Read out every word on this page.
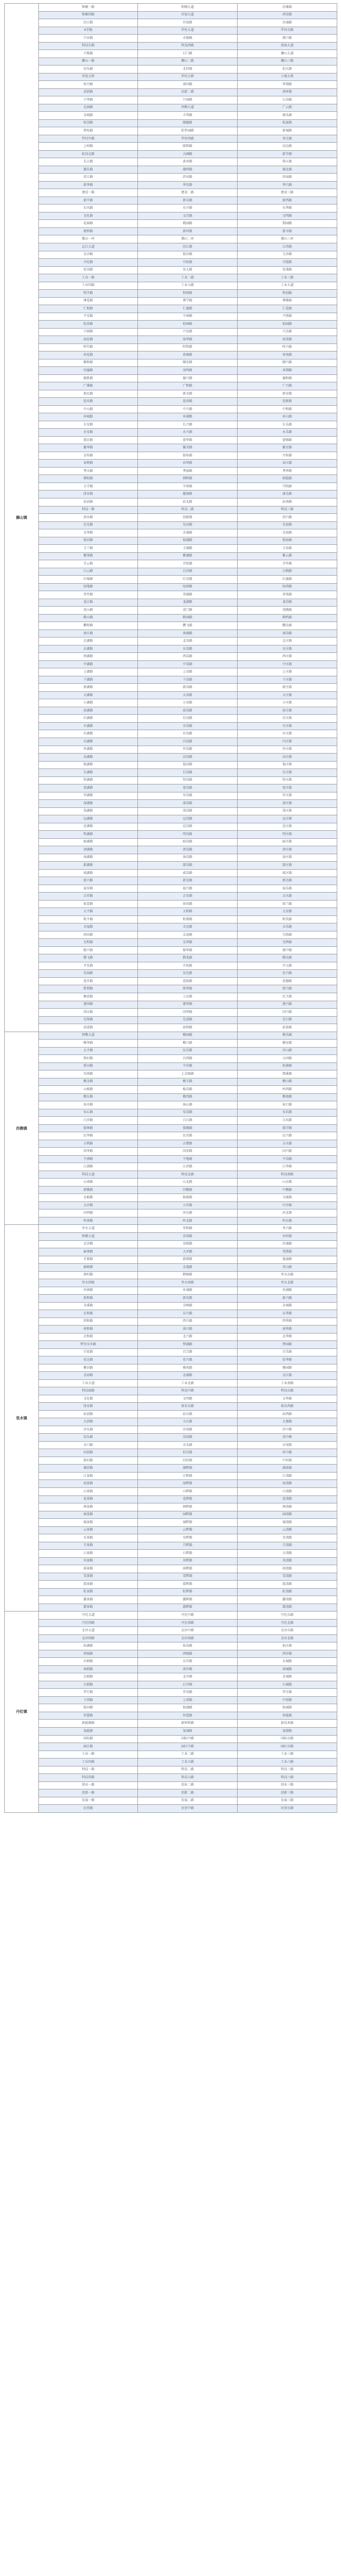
狮山镇	和顺一路	和顺大道	沙溪路
	和顺西路	官窑大道	鸿星路
	汾江路	官窑路	沙涌路
	X字路	罗村大道	罗村东路
	兴业路	永强路	港口路
	科技东路	科技西路	南海大道
	兴隆路	石门路	狮山大道
	狮山一路	狮山二路	狮山三路
	岗头路	北村路	招大路
	官窑大桥	罗村大桥	小塘大桥
	桂丹路	南国路	华翔路
	高新路	高新二路	南环路
	兴华路	兴南路	石岗路
	北园路	西樵大道	广云路
	金城路	丰华路	塘头路
	松岗路	顺德路	松夏路
	碧桂路	软件园路	新城路
	罗村中路	罗村西路	务庄路
	上柏路	联和路	高边路
	松岗北路	大圃路	新开路
	长江路	黄河路	珠江路
	湖东路	湖西路	湖北路
	滨江路	滨河路	滨海路
	新华路	华安路	华兴路
	建设一路	建设二路	建设三路
	新中路	新东路	新西路
	东风路	东升路	东华路
	文化路	文昌路	文明路
	花园路	桃园路	梨园路
	新桥路	新村路	新市路
	佛山一环	佛山二环	佛山三环
	北江大道	沿江路	江滨路
	金沙路	银沙路	玉沙路
	丹灶路	丹桂路	丹霞路
	宏岗路	宏大路	宏盛路
	工业一路	工业二路	工业三路
	工业四路	工业五路	工业大道
	科学路	科研路	科创路
	博爱路	博学路	博雅路
	仁和路	仁德路	仁爱路
	平安路	平洲路	平胜路
	松涛路	松林路	松园路
	兴园路	兴发路	兴达路
	海伦路	海华路	海棠路
	时代路	时和路	时兴路
	荷花路	荷塘路	荷苑路
	顺和路	顺安路	顺兴路
	凤凰路	凤鸣路	凤翔路
	德胜路	德兴路	德和路
	广佛路	广和路	广兴路
	新民路	新光路	新安路
	迎宾路	迎春路	迎新路
	中山路	中兴路	中和路
	环城路	环湖路	环山路
	长安路	长兴路	长乐路
	永安路	永兴路	永乐路
	富民路	富华路	富强路
	繁华路	繁荣路	繁星路
	金桂路	银桂路	丹桂路
	春晖路	春华路	春江路
	秀水路	秀丽路	秀华路
	朝阳路	朝晖路	朝霞路
	大学路	学府路	学院路
	体育路	健康路	康乐路
	站前路	站北路	站南路
	科技一路	科技二路	科技三路
	创业路	创新路	创兴路
	星光路	星河路	星辰路
	金华路	金盛路	金海路
	银河路	银湖路	银海路
	玉兰路	玉湖路	玉泉路
	紫荆路	紫薇路	紫云路
	青云路	青松路	青年路
	白云路	白沙路	白鹤路
	红棉路	红星路	红旗路
	绿地路	绿洲路	绿茵路
	翠竹路	翠湖路	翠苑路
	龙江路	龙湖路	龙岗路
	虎山路	虎门路	虎跳路
	鹤山路	鹤洞路	鹤鸣路
	鹏程路	鹏飞路	鹏达路
	南庄路	南湖路	南岗路
	北湖路	北岗路	北庄路
	东湖路	东岗路	东庄路
	西湖路	西岗路	西庄路
	中湖路	中岗路	中庄路
	上湖路	上岗路	上庄路
	下湖路	下岗路	下庄路
	新湖路	新岗路	新庄路
	大湖路	大岗路	大庄路
	小湖路	小岗路	小庄路
	前湖路	前岗路	前庄路
	后湖路	后岗路	后庄路
	左湖路	左岗路	左庄路
	右湖路	右岗路	右庄路
	内湖路	内岗路	内庄路
	外湖路	外岗路	外庄路
	高湖路	高岗路	高庄路
	低湖路	低岗路	低庄路
	长湖路	长岗路	长庄路
	短湖路	短岗路	短庄路
	宽湖路	宽岗路	宽庄路
	窄湖路	窄岗路	窄庄路
	深湖路	深岗路	深庄路
	浅湖路	浅岗路	浅庄路
	远湖路	远岗路	远庄路
	近湖路	近岗路	近庄路
	明湖路	明岗路	明庄路
	暗湖路	暗岗路	暗庄路
	清湖路	清岗路	清庄路
	浊湖路	浊岗路	浊庄路
	甜湖路	甜岗路	甜庄路
	咸湖路	咸岗路	咸庄路
	新兴路	新发路	新达路
	福安路	福兴路	福乐路
	吉祥路	吉安路	吉庆路
	如意路	如春路	如兰路
	太平路	太和路	太安路
	和平路	和谐路	和美路
	幸福路	幸运路	幸乐路
	团结路	友谊路	互助路
	光明路	光华路	光辉路
	振兴路	振华路	振中路
	腾飞路	腾龙路	腾达路
	开发路	开拓路	开元路
	发展路	发达路	发兴路
	进步路	进取路	进德路
	胜利路	胜华路	胜兴路
	解放路	人民路	民主路
	建国路	建华路	建兴路
	国庆路	国华路	国兴路
	先锋路	先进路	先行路
	前进路	前程路	前景路
西樵镇	西樵大道	樵园路	樵乐路
	樵华路	樵兴路	樵安路
	太平路	民乐路	官山路
	简村路	百西路	大同路
	新田路	平沙路	松塘路
	崇南路	上金瓯路	儒溪路
	樵金路	樵丰路	樵山路
	山根路	稔岗路	岭西路
	樵东路	樵西路	樵南路
	海舟路	海心路	海口路
	布心路	布岗路	布坑路
	白沙路	白石路	白坑路
	儒林路	儒雅路	儒学路
	民华路	民安路	民兴路
	吉利路	吉赞路	吉水路
	国华路	国安路	国兴路
	平洲路	平地路	平岗路
	江浦路	江滨路	江华路
	科技大道	科技北路	科技南路
	山南路	山北路	山东路
	新樵路	旧樵路	中樵路
	金瓯路	银瓯路	玉瓯路
	大岸路	小岸路	中岸路
	河西路	河东路	河北路
	岭南路	岭北路	岭东路
里水镇	里水大道	里和路	里兴路
	和顺大道	草场路	河村路
	北沙路	岗联路	沙涌路
	麻奢路	大冲路	得胜路
	甘蕉路	新联路	逢涌路
	旗峰路	金逸路	赤山路
	洲村路	鹤峰路	里水东路
	里水西路	里水南路	里水北路
	环镇路	环城路	环湖路
	新和路	新安路	新兴路
	金溪路	金峰路	金城路
	东和路	东兴路	东华路
	西和路	西兴路	西华路
	南和路	南兴路	南华路
	北和路	北兴路	北华路
	梦里水乡路	梦湖路	梦园路
	百花路	百合路	百乐路
	宏达路	宏兴路	宏华路
	雅居路	雅苑路	雅园路
	金海路	金湖路	金江路
	工业大道	工业北路	工业南路
	科技园路	科技中路	科技东路
	文化路	文明路	文华路
	体育路	体育东路	体育西路
	站前路	站东路	站西路
	大沥路	大石路	大塘路
	沙头路	沙尾路	沙中路
	岗头路	岗尾路	岗中路
	水口路	水头路	水尾路
	村前路	村后路	村中路
	新村路	旧村路	中村路
	湖滨路	湖畔路	湖景路
	江景路	江畔路	江湾路
	海景路	海畔路	海湾路
	山景路	山畔路	山湾路
	花景路	花畔路	花湾路
	林景路	林畔路	林湾路
	园景路	园畔路	园湾路
	城景路	城畔路	城湾路
	云景路	云畔路	云湾路
	星景路	星畔路	星湾路
	月景路	月畔路	月湾路
	日景路	日畔路	日湾路
	风景路	风畔路	风湾路
	雨景路	雨畔路	雨湾路
	雪景路	雪畔路	雪湾路
	霞景路	霞畔路	霞湾路
	虹景路	虹畔路	虹湾路
	露景路	露畔路	露湾路
	霜景路	霜畔路	霜湾路
丹灶镇	丹灶大道	丹灶中路	丹灶东路
	丹灶西路	丹灶南路	丹灶北路
	金沙大道	金沙中路	金沙东路
	金沙西路	金沙南路	金沙北路
	仙湖路	仙岗路	仙庄路
	西城路	西联路	西岸路
	东联路	东岸路	东城路
	南联路	南岸路	南城路
	北联路	北岸路	北城路
	石联路	石岸路	石城路
	罗行路	罗岗路	罗庄路
	下滘路	上滘路	中滘路
	银河路	银湖路	银城路
	智慧路	智造路	智能路
	新能源路	新材料路	新技术路
	氢能路	氢城路	氢港路
	国际路	国际中路	国际东路
	园区路	园区中路	园区东路
	工业一路	工业二路	工业三路
	工业四路	工业五路	工业六路
	科技一路	科技二路	科技三路
	科技四路	科技五路	科技六路
	创业一路	创业二路	创业三路
	创新一路	创新二路	创新三路
	发展一路	发展二路	发展三路
	民营路	民营中路	民营东路
